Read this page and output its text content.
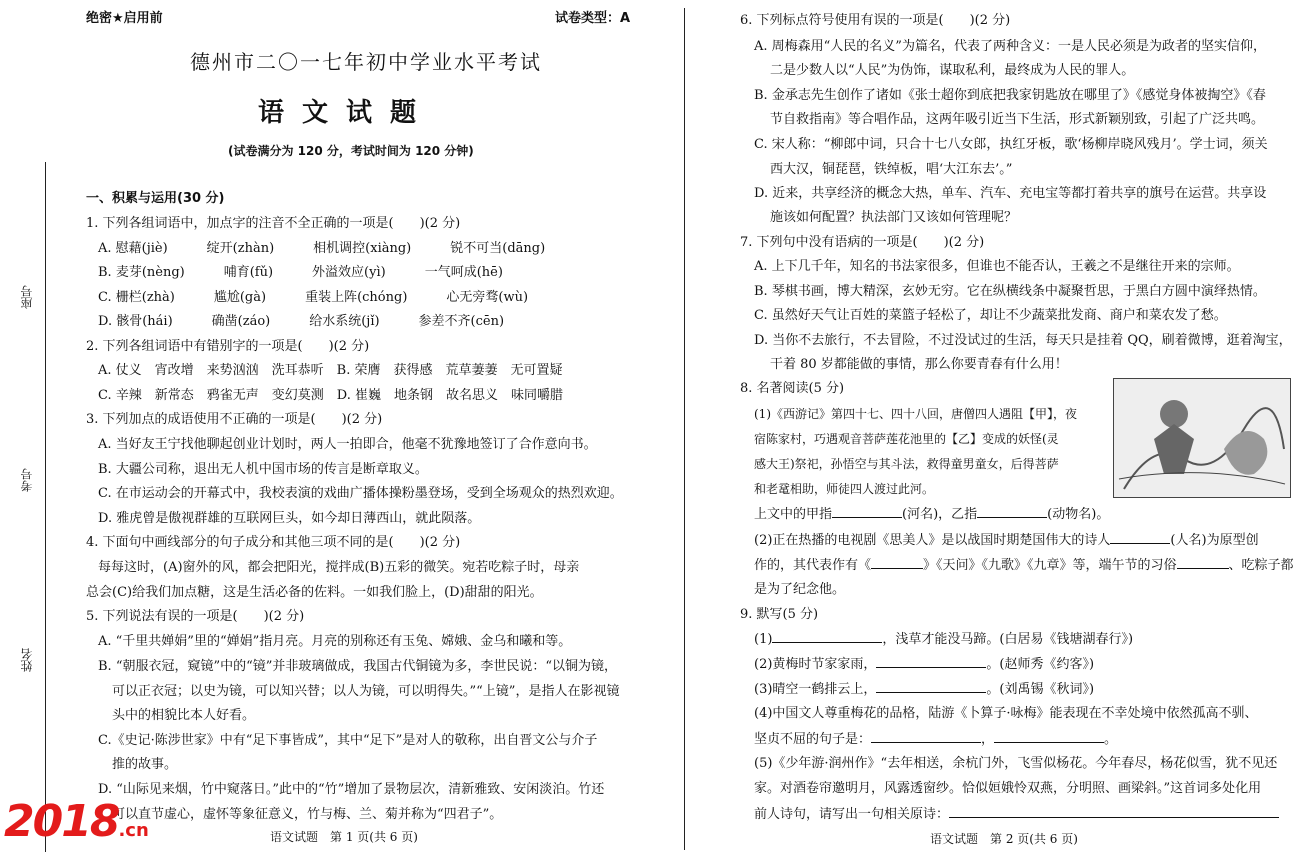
绝密★启用前	试卷类型：A
德州市二〇一七年初中学业水平考试
语文试题
(试卷满分为 120 分，考试时间为 120 分钟)
座号
考号
姓名
一、积累与运用(30 分)
1. 下列各组词语中，加点字的注音不全正确的一项是(　　)(2 分)
A. 慰藉(jiè)　　　绽开(zhàn)　　　相机调控(xiàng)　　　锐不可当(dāng)
B. 麦芽(nèng)　　　哺育(fǔ)　　　外溢效应(yì)　　　一气呵成(hē)
C. 栅栏(zhà)　　　尴尬(gà)　　　重装上阵(chóng)　　　心无旁骛(wù)
D. 骸骨(hái)　　　确凿(záo)　　　给水系统(jǐ)　　　参差不齐(cēn)
2. 下列各组词语中有错别字的一项是(　　)(2 分)
A. 仗义　宵改增　来势汹汹　洗耳恭听　B. 荣膺　获得感　荒草萋萋　无可置疑
C. 辛辣　新常态　鸦雀无声　变幻莫测　D. 崔巍　地条钢　故名思义　味同嚼腊
3. 下列加点的成语使用不正确的一项是(　　)(2 分)
A. 当好友王宁找他聊起创业计划时，两人一拍即合，他毫不犹豫地签订了合作意向书。
B. 大疆公司称，退出无人机中国市场的传言是断章取义。
C. 在市运动会的开幕式中，我校表演的戏曲广播体操粉墨登场，受到全场观众的热烈欢迎。
D. 雅虎曾是傲视群雄的互联网巨头，如今却日薄西山，就此陨落。
4. 下面句中画线部分的句子成分和其他三项不同的是(　　)(2 分)
每每这时，(A)窗外的风，都会把阳光，搅拌成(B)五彩的微笑。宛若吃粽子时，母亲
总会(C)给我们加点糖，这是生活必备的佐料。一如我们脸上，(D)甜甜的阳光。
5. 下列说法有误的一项是(　　)(2 分)
A. “千里共婵娟”里的“婵娟”指月亮。月亮的别称还有玉兔、嫦娥、金乌和曦和等。
B. “朝服衣冠，窥镜”中的“镜”并非玻璃做成，我国古代铜镜为多，李世民说：“以铜为镜，
可以正衣冠；以史为镜，可以知兴替；以人为镜，可以明得失。”“上镜”，是指人在影视镜
头中的相貌比本人好看。
C.《史记·陈涉世家》中有“足下事皆成”，其中“足下”是对人的敬称，出自晋文公与介子
推的故事。
D. “山际见来烟，竹中窥落日。”此中的“竹”增加了景物层次，清新雅致、安闲淡泊。竹还
可以直节虚心，虚怀等象征意义，竹与梅、兰、菊并称为“四君子”。
6. 下列标点符号使用有误的一项是(　　)(2 分)
A. 周梅森用“人民的名义”为篇名，代表了两种含义：一是人民必须是为政者的坚实信仰，
二是少数人以“人民”为伪饰，谋取私利，最终成为人民的罪人。
B. 金承志先生创作了诸如《张士超你到底把我家钥匙放在哪里了》《感觉身体被掏空》《春
节自救指南》等合唱作品，这两年吸引近当下生活，形式新颖别致，引起了广泛共鸣。
C. 宋人称：“柳郎中词，只合十七八女郎，执红牙板，歌‘杨柳岸晓风残月’。学士词，须关
西大汉，铜琵琶，铁绰板，唱‘大江东去’。”
D. 近来，共享经济的概念大热，单车、汽车、充电宝等都打着共享的旗号在运营。共享设
施该如何配置？执法部门又该如何管理呢？
7. 下列句中没有语病的一项是(　　)(2 分)
A. 上下几千年，知名的书法家很多，但谁也不能否认，王羲之不是继往开来的宗师。
B. 琴棋书画，博大精深，玄妙无穷。它在纵横线条中凝聚哲思，于黑白方圆中演绎热情。
C. 虽然好天气让百姓的菜篮子轻松了，却让不少蔬菜批发商、商户和菜农发了愁。
D. 当你不去旅行，不去冒险，不过没试过的生活，每天只是挂着 QQ，刷着微博，逛着淘宝，
干着 80 岁都能做的事情，那么你要青春有什么用！
8. 名著阅读(5 分)
(1)《西游记》第四十七、四十八回，唐僧四人遇阻【甲】，夜
宿陈家村，巧遇观音菩萨莲花池里的【乙】变成的妖怪(灵
感大王)祭祀，孙悟空与其斗法，救得童男童女，后得菩萨
和老鼋相助，师徒四人渡过此河。
上文中的甲指	(河名)，乙指	(动物名)。
(2)正在热播的电视剧《思美人》是以战国时期楚国伟大的诗人	(人名)为原型创
作的，其代表作有《	》《天问》《九歌》《九章》等，端午节的习俗	、吃粽子都
是为了纪念他。
9. 默写(5 分)
(1)	，浅草才能没马蹄。(白居易《钱塘湖春行》)
(2)黄梅时节家家雨，	。(赵师秀《约客》)
(3)晴空一鹤排云上，	。(刘禹锡《秋词》)
(4)中国文人尊重梅花的品格，陆游《卜算子·咏梅》能表现在不幸处境中依然孤高不驯、
坚贞不屈的句子是：	，	。
(5)《少年游·润州作》“去年相送，余杭门外，飞雪似杨花。今年春尽，杨花似雪，犹不见还
家。对酒卷帘邀明月，风露透窗纱。恰似姮娥怜双燕，分明照、画梁斜。”这首词多处化用
前人诗句，请写出一句相关原诗：
语文试题　第 1 页(共 6 页)	语文试题　第 2 页(共 6 页)
2018.cn
